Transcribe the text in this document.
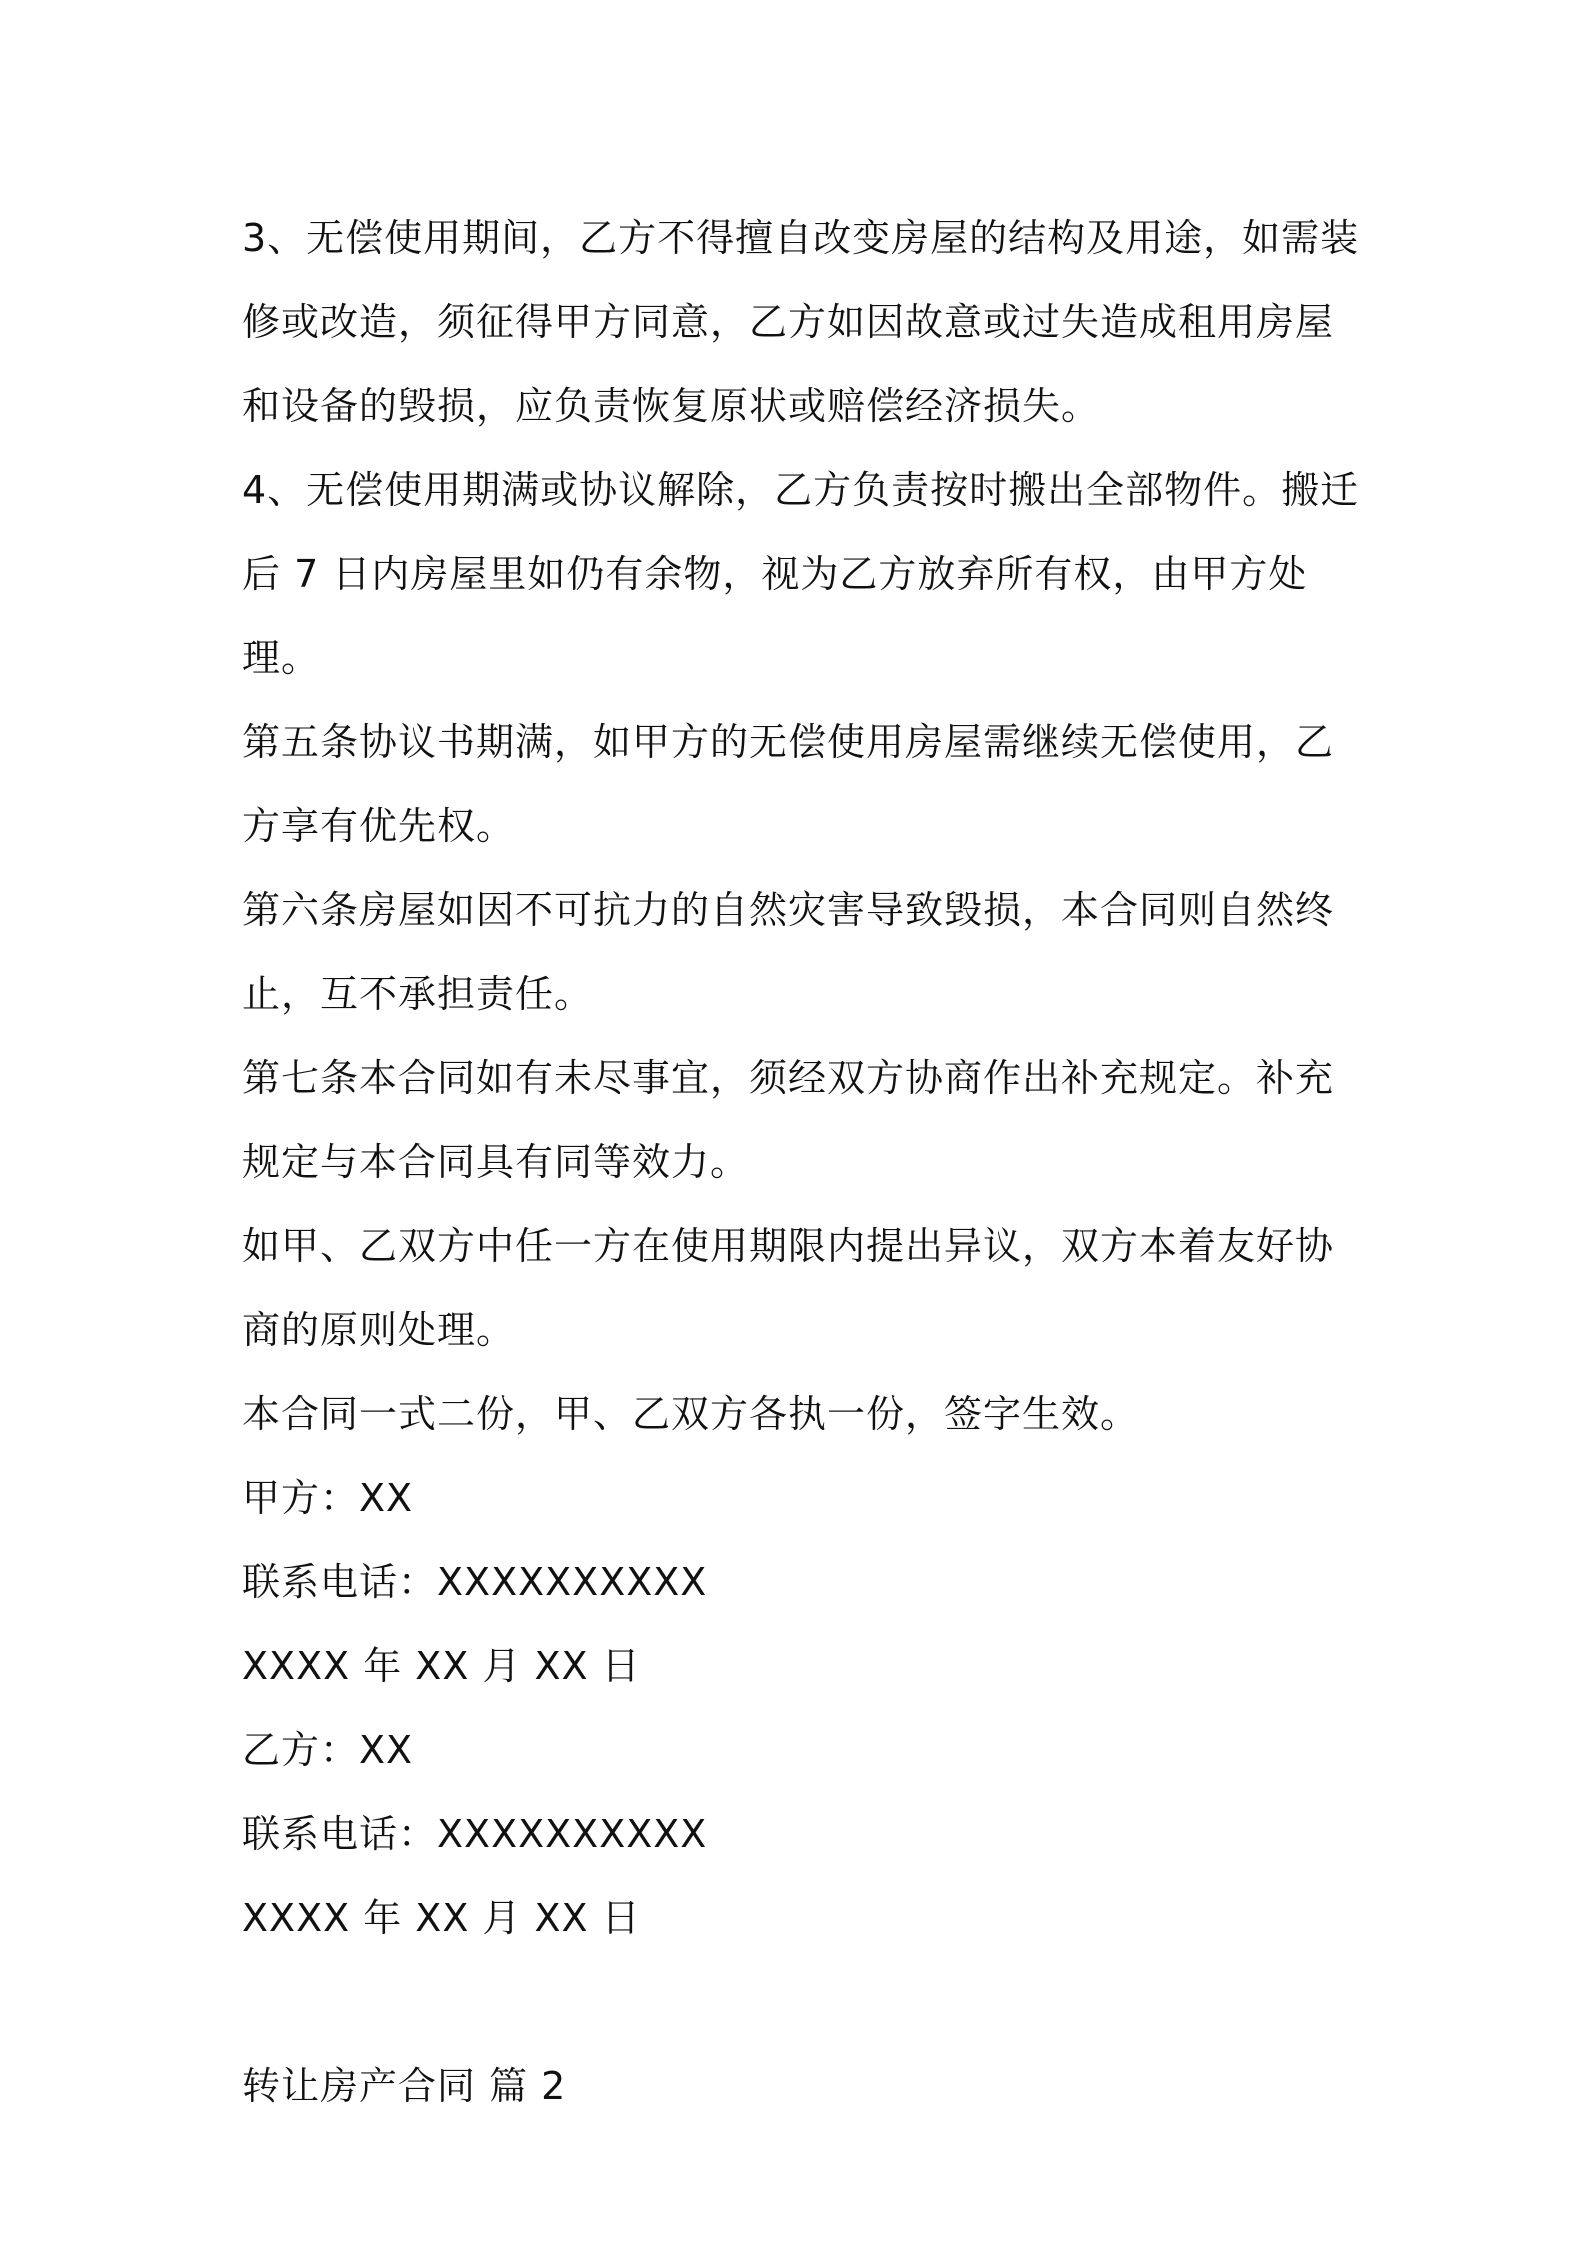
3、无偿使用期间，乙方不得擅自改变房屋的结构及用途，如需装修或改造，须征得甲方同意，乙方如因故意或过失造成租用房屋和设备的毁损，应负责恢复原状或赔偿经济损失。

4、无偿使用期满或协议解除，乙方负责按时搬出全部物件。搬迁后 7 日内房屋里如仍有余物，视为乙方放弃所有权，由甲方处理。

第五条协议书期满，如甲方的无偿使用房屋需继续无偿使用，乙方享有优先权。

第六条房屋如因不可抗力的自然灾害导致毁损，本合同则自然终止，互不承担责任。

第七条本合同如有未尽事宜，须经双方协商作出补充规定。补充规定与本合同具有同等效力。

如甲、乙双方中任一方在使用期限内提出异议，双方本着友好协商的原则处理。

本合同一式二份，甲、乙双方各执一份，签字生效。

甲方：XX

联系电话：XXXXXXXXXX

XXXX 年 XX 月 XX 日

乙方：XX

联系电话：XXXXXXXXXX

XXXX 年 XX 月 XX 日

转让房产合同 篇 2
